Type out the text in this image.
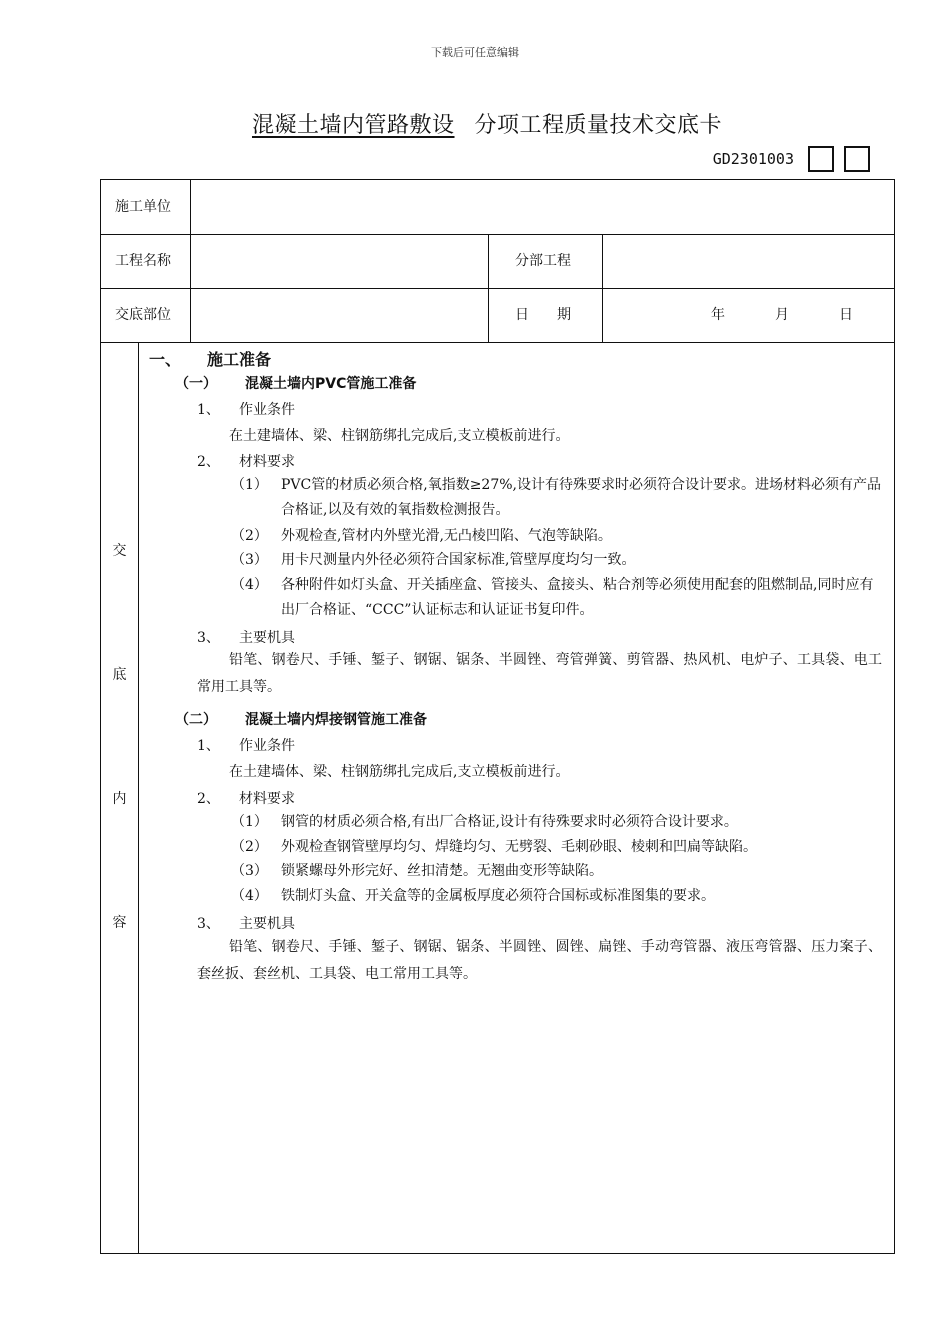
下载后可任意编辑
混凝土墙内管路敷设 分项工程质量技术交底卡
GD2301003
施工单位
工程名称	分部工程
交底部位	日　　期	年	月	日
交
底
内
容
一、 施工准备
（一） 混凝土墙内PVC管施工准备
1、 作业条件
在土建墙体、梁、柱钢筋绑扎完成后,支立模板前进行。
2、 材料要求
（1） PVC管的材质必须合格,氧指数≥27%,设计有待殊要求时必须符合设计要求。进场材料必须有产品合格证,以及有效的氧指数检测报告。
（2） 外观检查,管材内外壁光滑,无凸棱凹陷、气泡等缺陷。
（3） 用卡尺测量内外径必须符合国家标准,管壁厚度均匀一致。
（4） 各种附件如灯头盒、开关插座盒、管接头、盒接头、粘合剂等必须使用配套的阻燃制品,同时应有出厂合格证、“CCC”认证标志和认证证书复印件。
3、 主要机具
铅笔、钢卷尺、手锤、錾子、钢锯、锯条、半圆锉、弯管弹簧、剪管器、热风机、电炉子、工具袋、电工常用工具等。
（二） 混凝土墙内焊接钢管施工准备
1、 作业条件
在土建墙体、梁、柱钢筋绑扎完成后,支立模板前进行。
2、 材料要求
（1） 钢管的材质必须合格,有出厂合格证,设计有待殊要求时必须符合设计要求。
（2） 外观检查钢管壁厚均匀、焊缝均匀、无劈裂、毛刺砂眼、棱刺和凹扁等缺陷。
（3） 锁紧螺母外形完好、丝扣清楚。无翘曲变形等缺陷。
（4） 铁制灯头盒、开关盒等的金属板厚度必须符合国标或标准图集的要求。
3、 主要机具
铅笔、钢卷尺、手锤、錾子、钢锯、锯条、半圆锉、圆锉、扁锉、手动弯管器、液压弯管器、压力案子、套丝扳、套丝机、工具袋、电工常用工具等。
